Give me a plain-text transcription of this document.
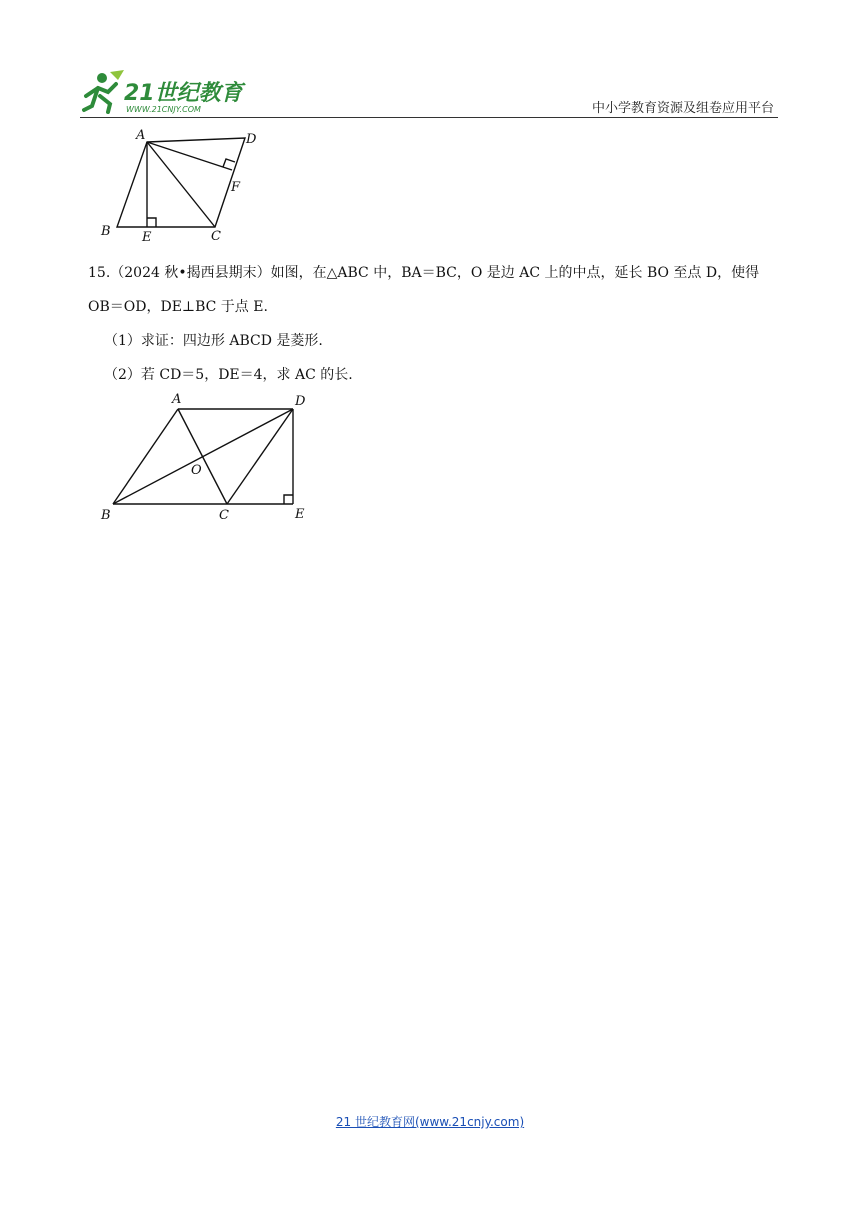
21世纪教育
WWW.21CNJY.COM	中小学教育资源及组卷应用平台
A	D
F
B E	C
15.（2024 秋•揭西县期末）如图，在△ABC 中，BA＝BC，O 是边 AC 上的中点，延长 BO 至点 D，使得
OB＝OD，DE⊥BC 于点 E.
（1）求证：四边形 ABCD 是菱形.
（2）若 CD＝5，DE＝4，求 AC 的长.
A	D
O
B	C	E
21 世纪教育网(www.21cnjy.com)
